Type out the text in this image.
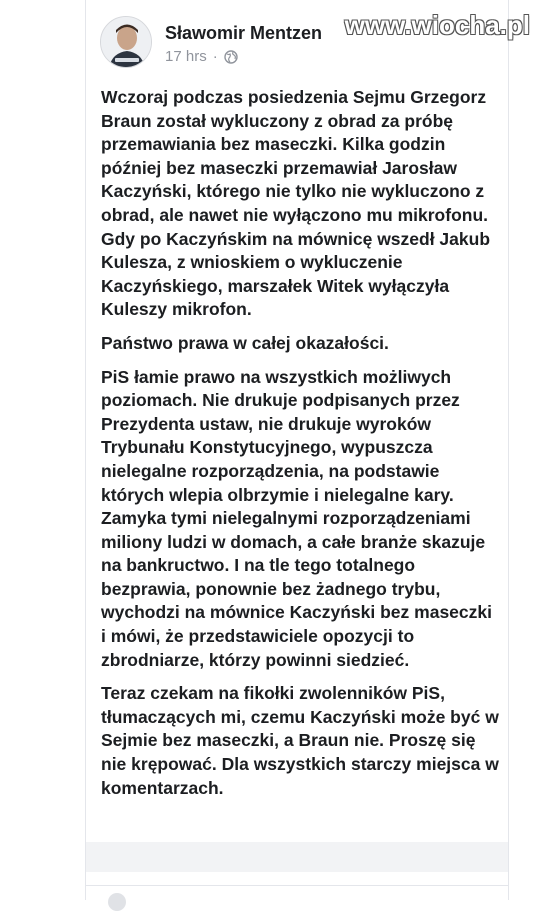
Sławomir Mentzen
17 hrs ·

Wczoraj podczas posiedzenia Sejmu Grzegorz Braun został wykluczony z obrad za próbę przemawiania bez maseczki. Kilka godzin później bez maseczki przemawiał Jarosław Kaczyński, którego nie tylko nie wykluczono z obrad, ale nawet nie wyłączono mu mikrofonu. Gdy po Kaczyńskim na mównicę wszedł Jakub Kulesza, z wnioskiem o wykluczenie Kaczyńskiego, marszałek Witek wyłączyła Kuleszy mikrofon.

Państwo prawa w całej okazałości.

PiS łamie prawo na wszystkich możliwych poziomach. Nie drukuje podpisanych przez Prezydenta ustaw, nie drukuje wyroków Trybunału Konstytucyjnego, wypuszcza nielegalne rozporządzenia, na podstawie których wlepia olbrzymie i nielegalne kary. Zamyka tymi nielegalnymi rozporządzeniami miliony ludzi w domach, a całe branże skazuje na bankructwo. I na tle tego totalnego bezprawia, ponownie bez żadnego trybu, wychodzi na mównice Kaczyński bez maseczki i mówi, że przedstawiciele opozycji to zbrodniarze, którzy powinni siedzieć.

Teraz czekam na fikołki zwolenników PiS, tłumaczących mi, czemu Kaczyński może być w Sejmie bez maseczki, a Braun nie. Proszę się nie krępować. Dla wszystkich starczy miejsca w komentarzach.

www.wiocha.pl
